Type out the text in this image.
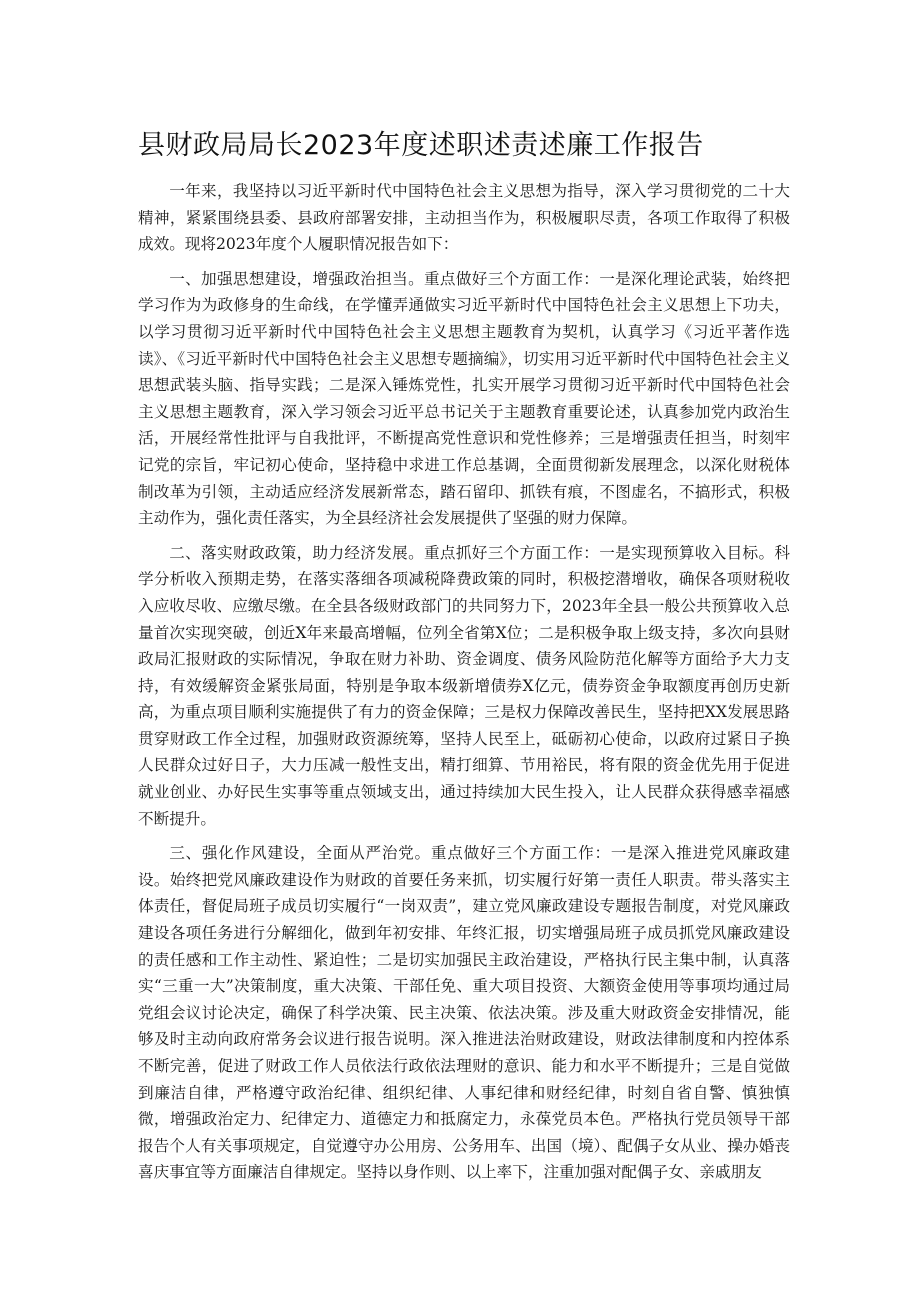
县财政局局长2023年度述职述责述廉工作报告

一年来，我坚持以习近平新时代中国特色社会主义思想为指导，深入学习贯彻党的二十大精神，紧紧围绕县委、县政府部署安排，主动担当作为，积极履职尽责，各项工作取得了积极成效。现将2023年度个人履职情况报告如下：

一、加强思想建设，增强政治担当。重点做好三个方面工作：一是深化理论武装，始终把学习作为为政修身的生命线，在学懂弄通做实习近平新时代中国特色社会主义思想上下功夫，以学习贯彻习近平新时代中国特色社会主义思想主题教育为契机，认真学习《习近平著作选读》、《习近平新时代中国特色社会主义思想专题摘编》，切实用习近平新时代中国特色社会主义思想武装头脑、指导实践；二是深入锤炼党性，扎实开展学习贯彻习近平新时代中国特色社会主义思想主题教育，深入学习领会习近平总书记关于主题教育重要论述，认真参加党内政治生活，开展经常性批评与自我批评，不断提高党性意识和党性修养；三是增强责任担当，时刻牢记党的宗旨，牢记初心使命，坚持稳中求进工作总基调，全面贯彻新发展理念，以深化财税体制改革为引领，主动适应经济发展新常态，踏石留印、抓铁有痕，不图虚名，不搞形式，积极主动作为，强化责任落实，为全县经济社会发展提供了坚强的财力保障。

二、落实财政政策，助力经济发展。重点抓好三个方面工作：一是实现预算收入目标。科学分析收入预期走势，在落实落细各项减税降费政策的同时，积极挖潜增收，确保各项财税收入应收尽收、应缴尽缴。在全县各级财政部门的共同努力下，2023年全县一般公共预算收入总量首次实现突破，创近X年来最高增幅，位列全省第X位；二是积极争取上级支持，多次向县财政局汇报财政的实际情况，争取在财力补助、资金调度、债务风险防范化解等方面给予大力支持，有效缓解资金紧张局面，特别是争取本级新增债券X亿元，债券资金争取额度再创历史新高，为重点项目顺利实施提供了有力的资金保障；三是权力保障改善民生，坚持把XX发展思路贯穿财政工作全过程，加强财政资源统筹，坚持人民至上，砥砺初心使命，以政府过紧日子换人民群众过好日子，大力压减一般性支出，精打细算、节用裕民，将有限的资金优先用于促进就业创业、办好民生实事等重点领域支出，通过持续加大民生投入，让人民群众获得感幸福感不断提升。

三、强化作风建设，全面从严治党。重点做好三个方面工作：一是深入推进党风廉政建设。始终把党风廉政建设作为财政的首要任务来抓，切实履行好第一责任人职责。带头落实主体责任，督促局班子成员切实履行“一岗双责”，建立党风廉政建设专题报告制度，对党风廉政建设各项任务进行分解细化，做到年初安排、年终汇报，切实增强局班子成员抓党风廉政建设的责任感和工作主动性、紧迫性；二是切实加强民主政治建设，严格执行民主集中制，认真落实“三重一大”决策制度，重大决策、干部任免、重大项目投资、大额资金使用等事项均通过局党组会议讨论决定，确保了科学决策、民主决策、依法决策。涉及重大财政资金安排情况，能够及时主动向政府常务会议进行报告说明。深入推进法治财政建设，财政法律制度和内控体系不断完善，促进了财政工作人员依法行政依法理财的意识、能力和水平不断提升；三是自觉做到廉洁自律，严格遵守政治纪律、组织纪律、人事纪律和财经纪律，时刻自省自警、慎独慎微，增强政治定力、纪律定力、道德定力和抵腐定力，永葆党员本色。严格执行党员领导干部报告个人有关事项规定，自觉遵守办公用房、公务用车、出国（境）、配偶子女从业、操办婚丧喜庆事宜等方面廉洁自律规定。坚持以身作则、以上率下，注重加强对配偶子女、亲戚朋友
